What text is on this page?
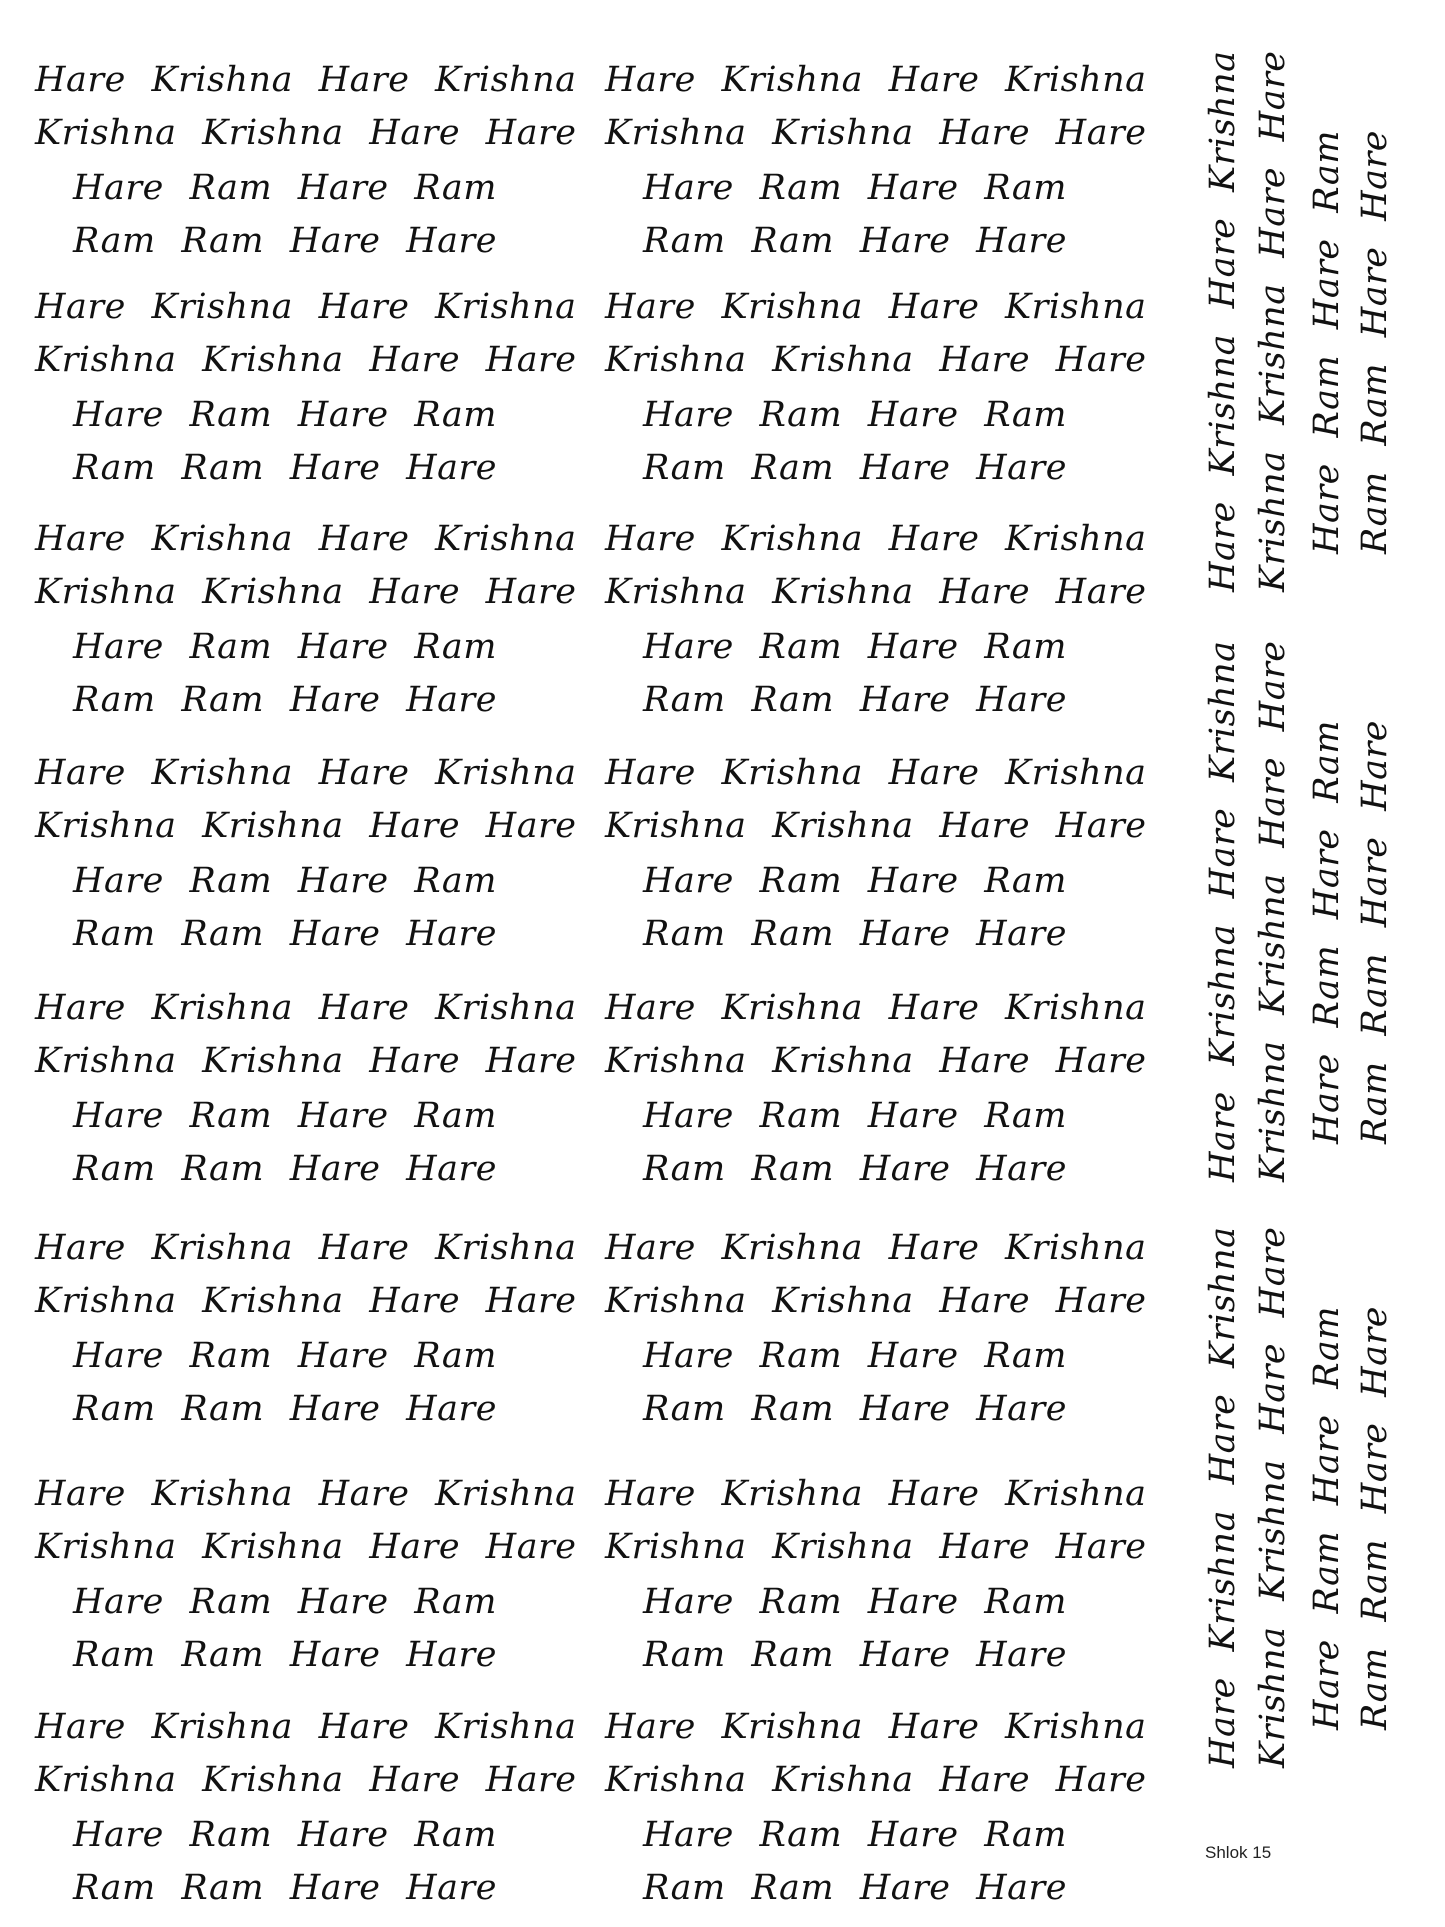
Hare Krishna Hare Krishna
Krishna Krishna Hare Hare
Hare Ram Hare Ram
Ram Ram Hare Hare
Hare Krishna Hare Krishna
Krishna Krishna Hare Hare
Hare Ram Hare Ram
Ram Ram Hare Hare
Hare Krishna Hare Krishna
Krishna Krishna Hare Hare
Hare Ram Hare Ram
Ram Ram Hare Hare
Hare Krishna Hare Krishna
Krishna Krishna Hare Hare
Hare Ram Hare Ram
Ram Ram Hare Hare
Hare Krishna Hare Krishna
Krishna Krishna Hare Hare
Hare Ram Hare Ram
Ram Ram Hare Hare
Hare Krishna Hare Krishna
Krishna Krishna Hare Hare
Hare Ram Hare Ram
Ram Ram Hare Hare
Hare Krishna Hare Krishna
Krishna Krishna Hare Hare
Hare Ram Hare Ram
Ram Ram Hare Hare
Hare Krishna Hare Krishna
Krishna Krishna Hare Hare
Hare Ram Hare Ram
Ram Ram Hare Hare
Hare Krishna Hare Krishna
Krishna Krishna Hare Hare
Hare Ram Hare Ram
Ram Ram Hare Hare
Hare Krishna Hare Krishna
Krishna Krishna Hare Hare
Hare Ram Hare Ram
Ram Ram Hare Hare
Hare Krishna Hare Krishna
Krishna Krishna Hare Hare
Hare Ram Hare Ram
Ram Ram Hare Hare
Hare Krishna Hare Krishna
Krishna Krishna Hare Hare
Hare Ram Hare Ram
Ram Ram Hare Hare
Hare Krishna Hare Krishna
Krishna Krishna Hare Hare
Hare Ram Hare Ram
Ram Ram Hare Hare
Hare Krishna Hare Krishna
Krishna Krishna Hare Hare
Hare Ram Hare Ram
Ram Ram Hare Hare
Hare Krishna Hare Krishna
Krishna Krishna Hare Hare
Hare Ram Hare Ram
Ram Ram Hare Hare
Hare Krishna Hare Krishna
Krishna Krishna Hare Hare
Hare Ram Hare Ram
Ram Ram Hare Hare
Hare Krishna Hare Krishna Krishna Krishna Hare Hare Hare Ram Hare Ram Ram Ram Hare Hare
Hare Krishna Hare Krishna Krishna Krishna Hare Hare Hare Ram Hare Ram Ram Ram Hare Hare
Hare Krishna Hare Krishna Krishna Krishna Hare Hare Hare Ram Hare Ram Ram Ram Hare Hare
Shlok 15
